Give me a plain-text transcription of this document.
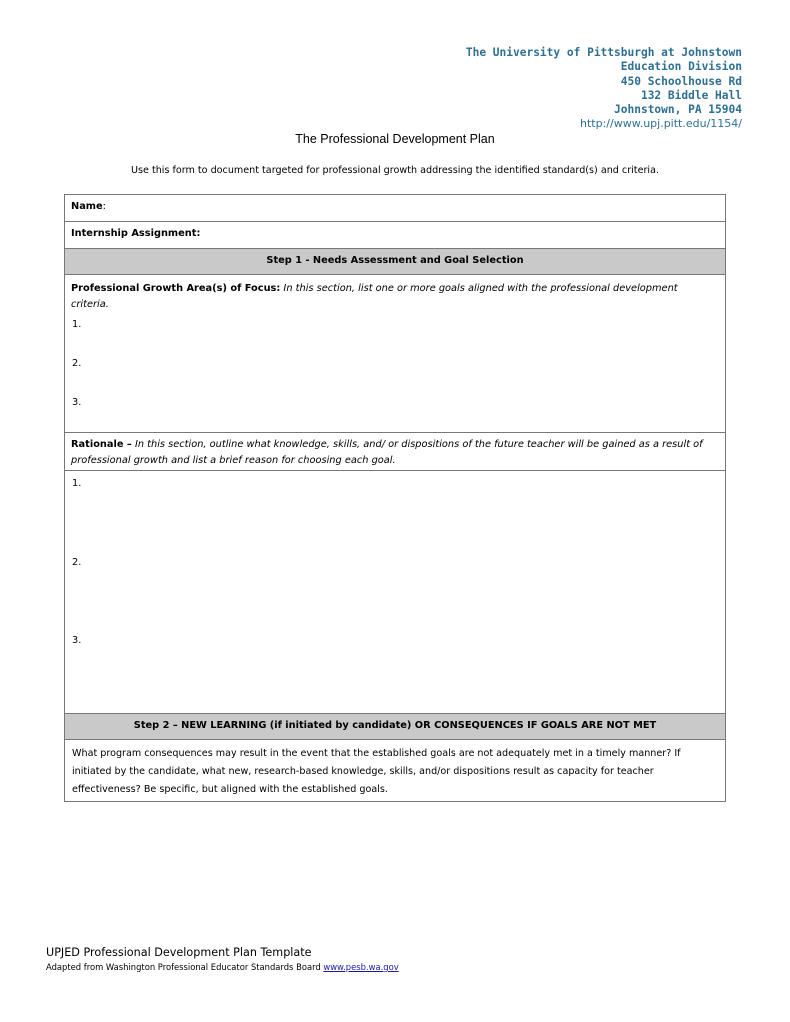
The University of Pittsburgh at Johnstown
Education Division
450 Schoolhouse Rd
132 Biddle Hall
Johnstown, PA 15904
http://www.upj.pitt.edu/1154/
The Professional Development Plan
Use this form to document targeted for professional growth addressing the identified standard(s) and criteria.
Name:
Internship Assignment:
Step 1 - Needs Assessment and Goal Selection
Professional Growth Area(s) of Focus: In this section, list one or more goals aligned with the professional development criteria.
1.
2.
3.
Rationale – In this section, outline what knowledge, skills, and/ or dispositions of the future teacher will be gained as a result of professional growth and list a brief reason for choosing each goal.
1.
2.
3.
Step 2 – NEW LEARNING (if initiated by candidate) OR CONSEQUENCES IF GOALS ARE NOT MET
What program consequences may result in the event that the established goals are not adequately met in a timely manner? If initiated by the candidate, what new, research-based knowledge, skills, and/or dispositions result as capacity for teacher effectiveness? Be specific, but aligned with the established goals.
UPJED Professional Development Plan Template
Adapted from Washington Professional Educator Standards Board www.pesb.wa.gov
